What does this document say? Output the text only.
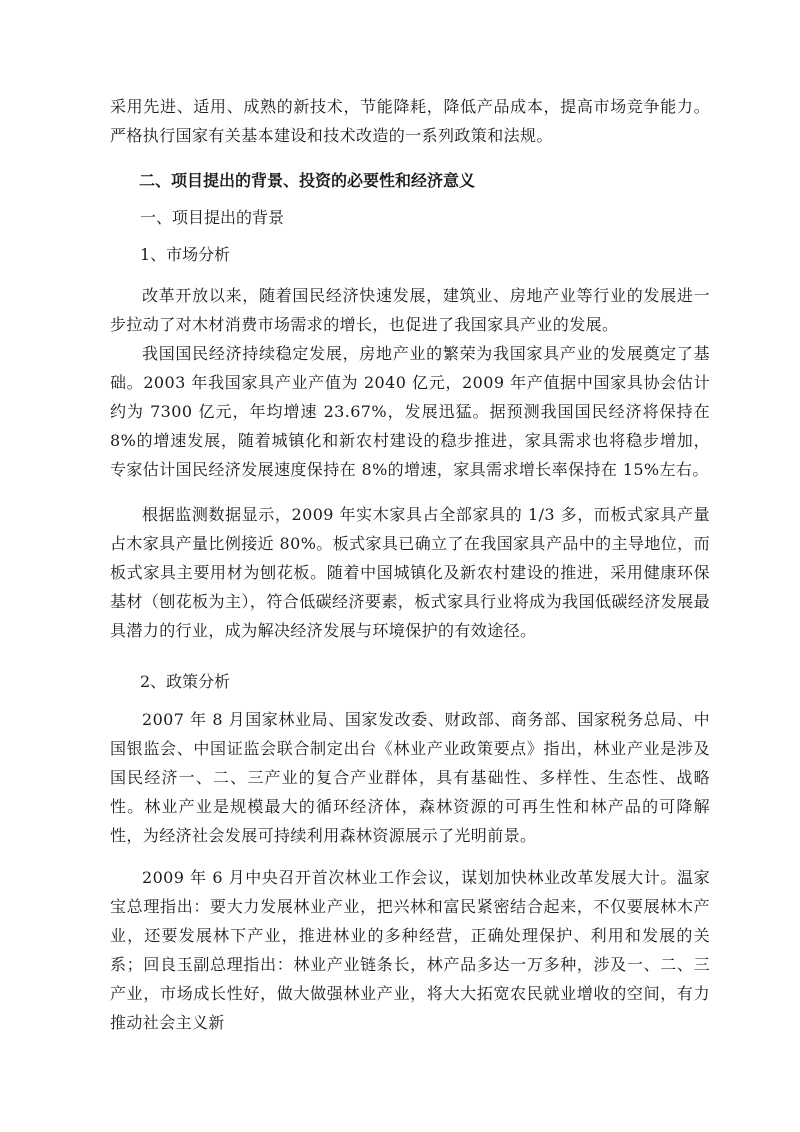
采用先进、适用、成熟的新技术，节能降耗，降低产品成本，提高市场竞争能力。严格执行国家有关基本建设和技术改造的一系列政策和法规。

二、项目提出的背景、投资的必要性和经济意义
一、项目提出的背景
1、市场分析

改革开放以来，随着国民经济快速发展，建筑业、房地产业等行业的发展进一步拉动了对木材消费市场需求的增长，也促进了我国家具产业的发展。

我国国民经济持续稳定发展，房地产业的繁荣为我国家具产业的发展奠定了基础。2003 年我国家具产业产值为 2040 亿元，2009 年产值据中国家具协会估计约为 7300 亿元，年均增速 23.67%，发展迅猛。据预测我国国民经济将保持在 8%的增速发展，随着城镇化和新农村建设的稳步推进，家具需求也将稳步增加，专家估计国民经济发展速度保持在 8%的增速，家具需求增长率保持在 15%左右。

根据监测数据显示，2009 年实木家具占全部家具的 1/3 多，而板式家具产量占木家具产量比例接近 80%。板式家具已确立了在我国家具产品中的主导地位，而板式家具主要用材为刨花板。随着中国城镇化及新农村建设的推进，采用健康环保基材（刨花板为主），符合低碳经济要素，板式家具行业将成为我国低碳经济发展最具潜力的行业，成为解决经济发展与环境保护的有效途径。

2、政策分析

2007 年 8 月国家林业局、国家发改委、财政部、商务部、国家税务总局、中国银监会、中国证监会联合制定出台《林业产业政策要点》指出，林业产业是涉及国民经济一、二、三产业的复合产业群体，具有基础性、多样性、生态性、战略性。林业产业是规模最大的循环经济体，森林资源的可再生性和林产品的可降解性，为经济社会发展可持续利用森林资源展示了光明前景。

2009 年 6 月中央召开首次林业工作会议，谋划加快林业改革发展大计。温家宝总理指出：要大力发展林业产业，把兴林和富民紧密结合起来，不仅要展林木产业，还要发展林下产业，推进林业的多种经营，正确处理保护、利用和发展的关系；回良玉副总理指出：林业产业链条长，林产品多达一万多种，涉及一、二、三产业，市场成长性好，做大做强林业产业，将大大拓宽农民就业增收的空间，有力推动社会主义新
